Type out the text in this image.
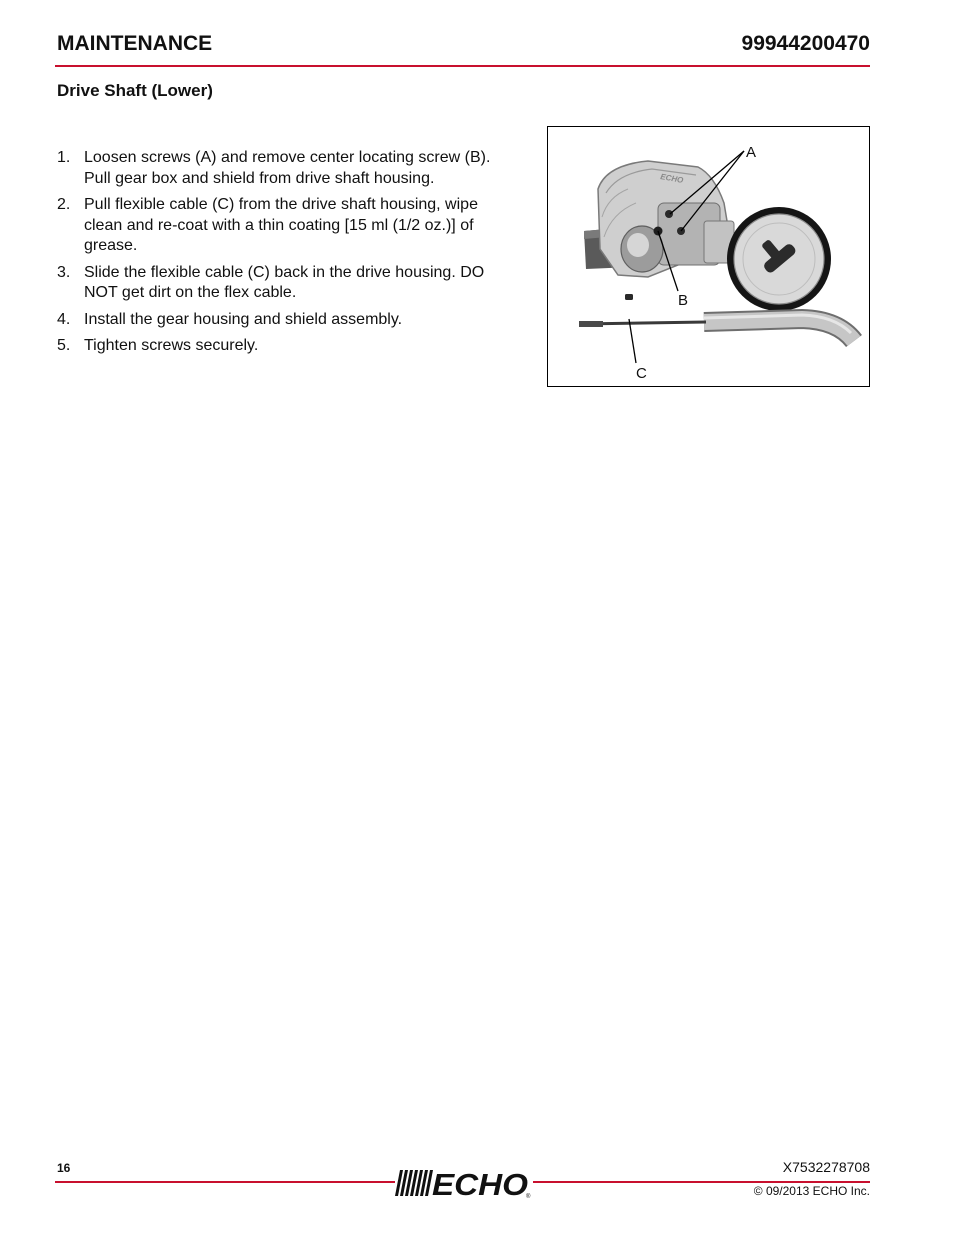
MAINTENANCE	99944200470
Drive Shaft (Lower)
1. Loosen screws (A) and remove center locating screw (B).
Pull gear box and shield from drive shaft housing.
2. Pull flexible cable (C) from the drive shaft housing, wipe
clean and re-coat with a thin coating [15 ml (1/2 oz.)] of
grease.
3. Slide the flexible cable (C) back in the drive housing. DO
NOT get dirt on the flex cable.
4. Install the gear housing and shield assembly.
5. Tighten screws securely.
ECHO
A
B
C
16	ECHO
®
X7532278708
© 09/2013 ECHO Inc.
